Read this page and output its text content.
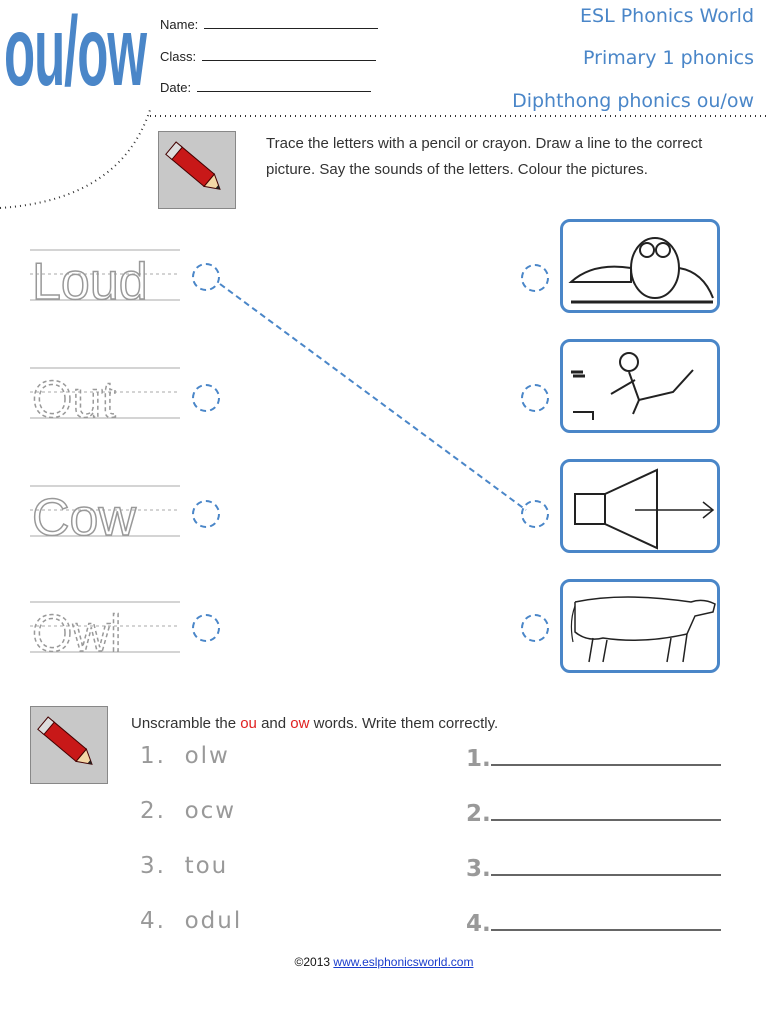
ou/ow Name:
Class:
Date:
ESL Phonics World
Primary 1 phonics
Diphthong phonics ou/ow
Trace the letters with a pencil or crayon. Draw a line to the correct picture. Say the sounds of the letters. Colour the pictures.
Loud
Out
Cow
Owl
Unscramble the ou and ow words. Write them correctly.
1. olw
2. ocw
3. tou
4. odul
1.
2.
3.
4.
©2013 www.eslphonicsworld.com
